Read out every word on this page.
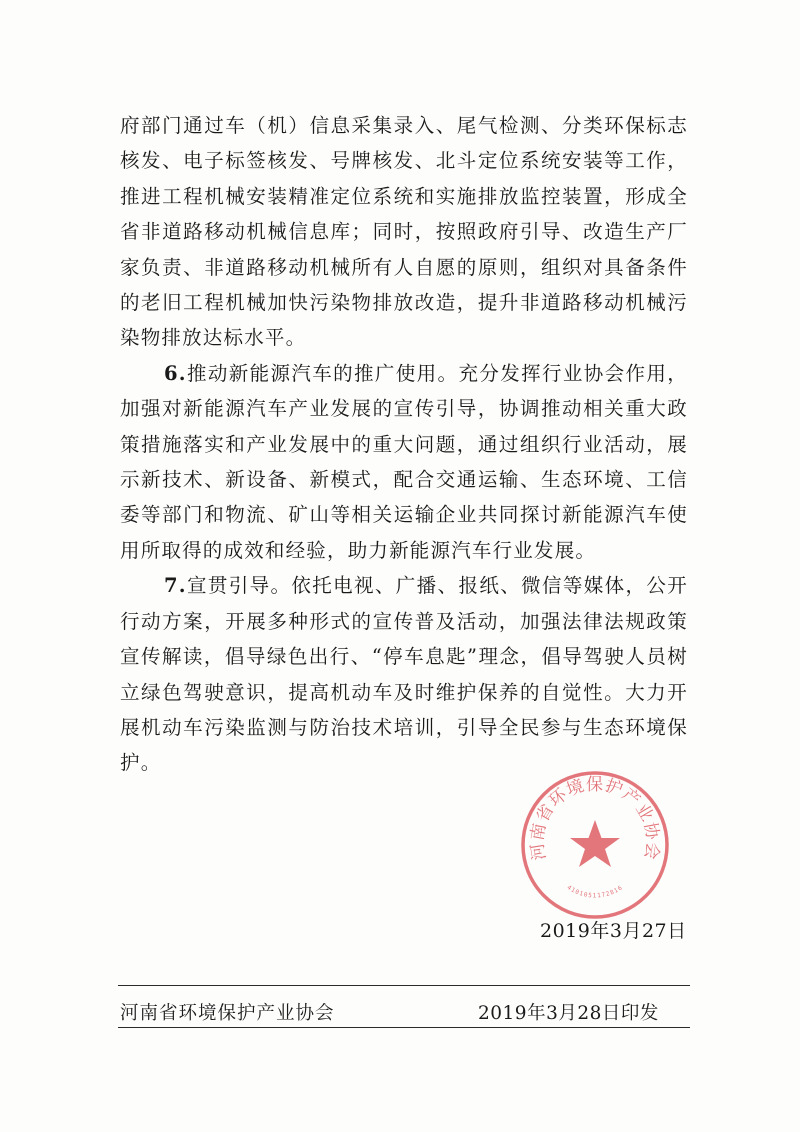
府部门通过车（机）信息采集录入、尾气检测、分类环保标志核发、电子标签核发、号牌核发、北斗定位系统安装等工作，推进工程机械安装精准定位系统和实施排放监控装置，形成全省非道路移动机械信息库；同时，按照政府引导、改造生产厂家负责、非道路移动机械所有人自愿的原则，组织对具备条件的老旧工程机械加快污染物排放改造，提升非道路移动机械污染物排放达标水平。

6.推动新能源汽车的推广使用。充分发挥行业协会作用，加强对新能源汽车产业发展的宣传引导，协调推动相关重大政策措施落实和产业发展中的重大问题，通过组织行业活动，展示新技术、新设备、新模式，配合交通运输、生态环境、工信委等部门和物流、矿山等相关运输企业共同探讨新能源汽车使用所取得的成效和经验，助力新能源汽车行业发展。

7.宣贯引导。依托电视、广播、报纸、微信等媒体，公开行动方案，开展多种形式的宣传普及活动，加强法律法规政策宣传解读，倡导绿色出行、“停车息匙”理念，倡导驾驶人员树立绿色驾驶意识，提高机动车及时维护保养的自觉性。大力开展机动车污染监测与防治技术培训，引导全民参与生态环境保护。

2019年3月27日
河南省环境保护产业协会
4101051172816
河南省环境保护产业协会	2019年3月28日印发
